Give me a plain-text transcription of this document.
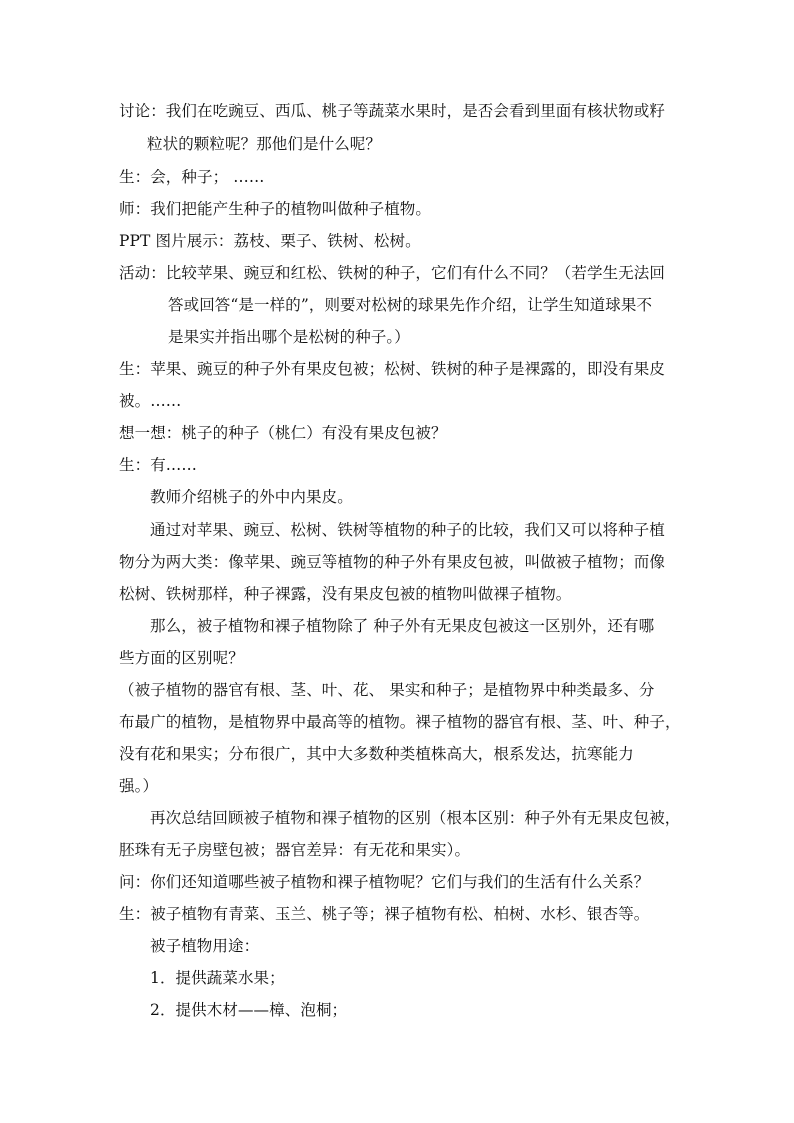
讨论：我们在吃豌豆、西瓜、桃子等蔬菜水果时，是否会看到里面有核状物或籽
粒状的颗粒呢？那他们是什么呢？
生：会，种子； ……
师：我们把能产生种子的植物叫做种子植物。
PPT 图片展示：荔枝、栗子、铁树、松树。
活动：比较苹果、豌豆和红松、铁树的种子，它们有什么不同？（若学生无法回
答或回答“是一样的”，则要对松树的球果先作介绍，让学生知道球果不
是果实并指出哪个是松树的种子。）
生：苹果、豌豆的种子外有果皮包被；松树、铁树的种子是裸露的，即没有果皮
被。……
想一想：桃子的种子（桃仁）有没有果皮包被？
生：有……
教师介绍桃子的外中内果皮。
通过对苹果、豌豆、松树、铁树等植物的种子的比较，我们又可以将种子植
物分为两大类：像苹果、豌豆等植物的种子外有果皮包被，叫做被子植物；而像
松树、铁树那样，种子裸露，没有果皮包被的植物叫做裸子植物。
那么，被子植物和裸子植物除了 种子外有无果皮包被这一区别外，还有哪
些方面的区别呢？
（被子植物的器官有根、茎、叶、花、 果实和种子；是植物界中种类最多、分
布最广的植物，是植物界中最高等的植物。裸子植物的器官有根、茎、叶、种子，
没有花和果实；分布很广，其中大多数种类植株高大，根系发达，抗寒能力
强。）
再次总结回顾被子植物和裸子植物的区别（根本区别：种子外有无果皮包被，
胚珠有无子房壁包被；器官差异：有无花和果实）。
问：你们还知道哪些被子植物和裸子植物呢？它们与我们的生活有什么关系？
生：被子植物有青菜、玉兰、桃子等；裸子植物有松、柏树、水杉、银杏等。
被子植物用途：
1．提供蔬菜水果；
2．提供木材——樟、泡桐；
